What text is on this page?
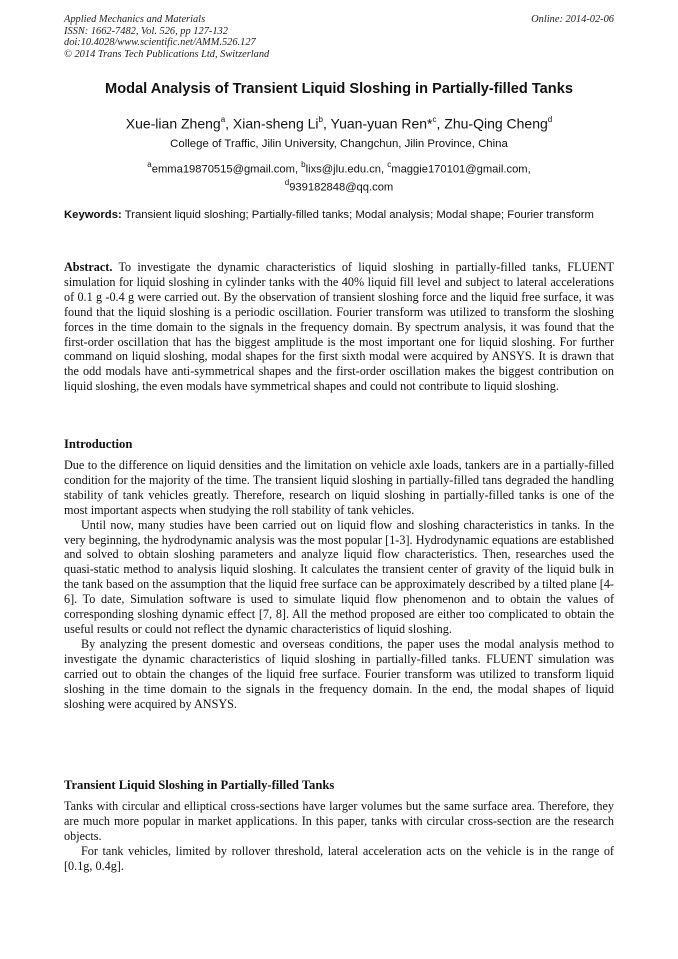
Applied Mechanics and Materials
ISSN: 1662-7482, Vol. 526, pp 127-132
doi:10.4028/www.scientific.net/AMM.526.127
© 2014 Trans Tech Publications Ltd, Switzerland
Online: 2014-02-06
Modal Analysis of Transient Liquid Sloshing in Partially-filled Tanks
Xue-lian Zheng$^a$, Xian-sheng Li$^b$, Yuan-yuan Ren*$^c$, Zhu-Qing Cheng$^d$
College of Traffic, Jilin University, Changchun, Jilin Province, China
$^a$emma19870515@gmail.com, $^b$lixs@jlu.edu.cn, $^c$maggie170101@gmail.com,
$^d$939182848@qq.com
Keywords: Transient liquid sloshing; Partially-filled tanks; Modal analysis; Modal shape; Fourier transform

Abstract. To investigate the dynamic characteristics of liquid sloshing in partially-filled tanks, FLUENT simulation for liquid sloshing in cylinder tanks with the 40% liquid fill level and subject to lateral accelerations of 0.1 g -0.4 g were carried out. By the observation of transient sloshing force and the liquid free surface, it was found that the liquid sloshing is a periodic oscillation. Fourier transform was utilized to transform the sloshing forces in the time domain to the signals in the frequency domain. By spectrum analysis, it was found that the first-order oscillation that has the biggest amplitude is the most important one for liquid sloshing. For further command on liquid sloshing, modal shapes for the first sixth modal were acquired by ANSYS. It is drawn that the odd modals have anti-symmetrical shapes and the first-order oscillation makes the biggest contribution on liquid sloshing, the even modals have symmetrical shapes and could not contribute to liquid sloshing.

Introduction

Due to the difference on liquid densities and the limitation on vehicle axle loads, tankers are in a partially-filled condition for the majority of the time. The transient liquid sloshing in partially-filled tans degraded the handling stability of tank vehicles greatly. Therefore, research on liquid sloshing in partially-filled tanks is one of the most important aspects when studying the roll stability of tank vehicles.

Until now, many studies have been carried out on liquid flow and sloshing characteristics in tanks. In the very beginning, the hydrodynamic analysis was the most popular [1-3]. Hydrodynamic equations are established and solved to obtain sloshing parameters and analyze liquid flow characteristics. Then, researches used the quasi-static method to analysis liquid sloshing. It calculates the transient center of gravity of the liquid bulk in the tank based on the assumption that the liquid free surface can be approximately described by a tilted plane [4-6]. To date, Simulation software is used to simulate liquid flow phenomenon and to obtain the values of corresponding sloshing dynamic effect [7, 8]. All the method proposed are either too complicated to obtain the useful results or could not reflect the dynamic characteristics of liquid sloshing.

By analyzing the present domestic and overseas conditions, the paper uses the modal analysis method to investigate the dynamic characteristics of liquid sloshing in partially-filled tanks. FLUENT simulation was carried out to obtain the changes of the liquid free surface. Fourier transform was utilized to transform liquid sloshing in the time domain to the signals in the frequency domain. In the end, the modal shapes of liquid sloshing were acquired by ANSYS.

Transient Liquid Sloshing in Partially-filled Tanks

Tanks with circular and elliptical cross-sections have larger volumes but the same surface area. Therefore, they are much more popular in market applications. In this paper, tanks with circular cross-section are the research objects.

For tank vehicles, limited by rollover threshold, lateral acceleration acts on the vehicle is in the range of [0.1g, 0.4g].
